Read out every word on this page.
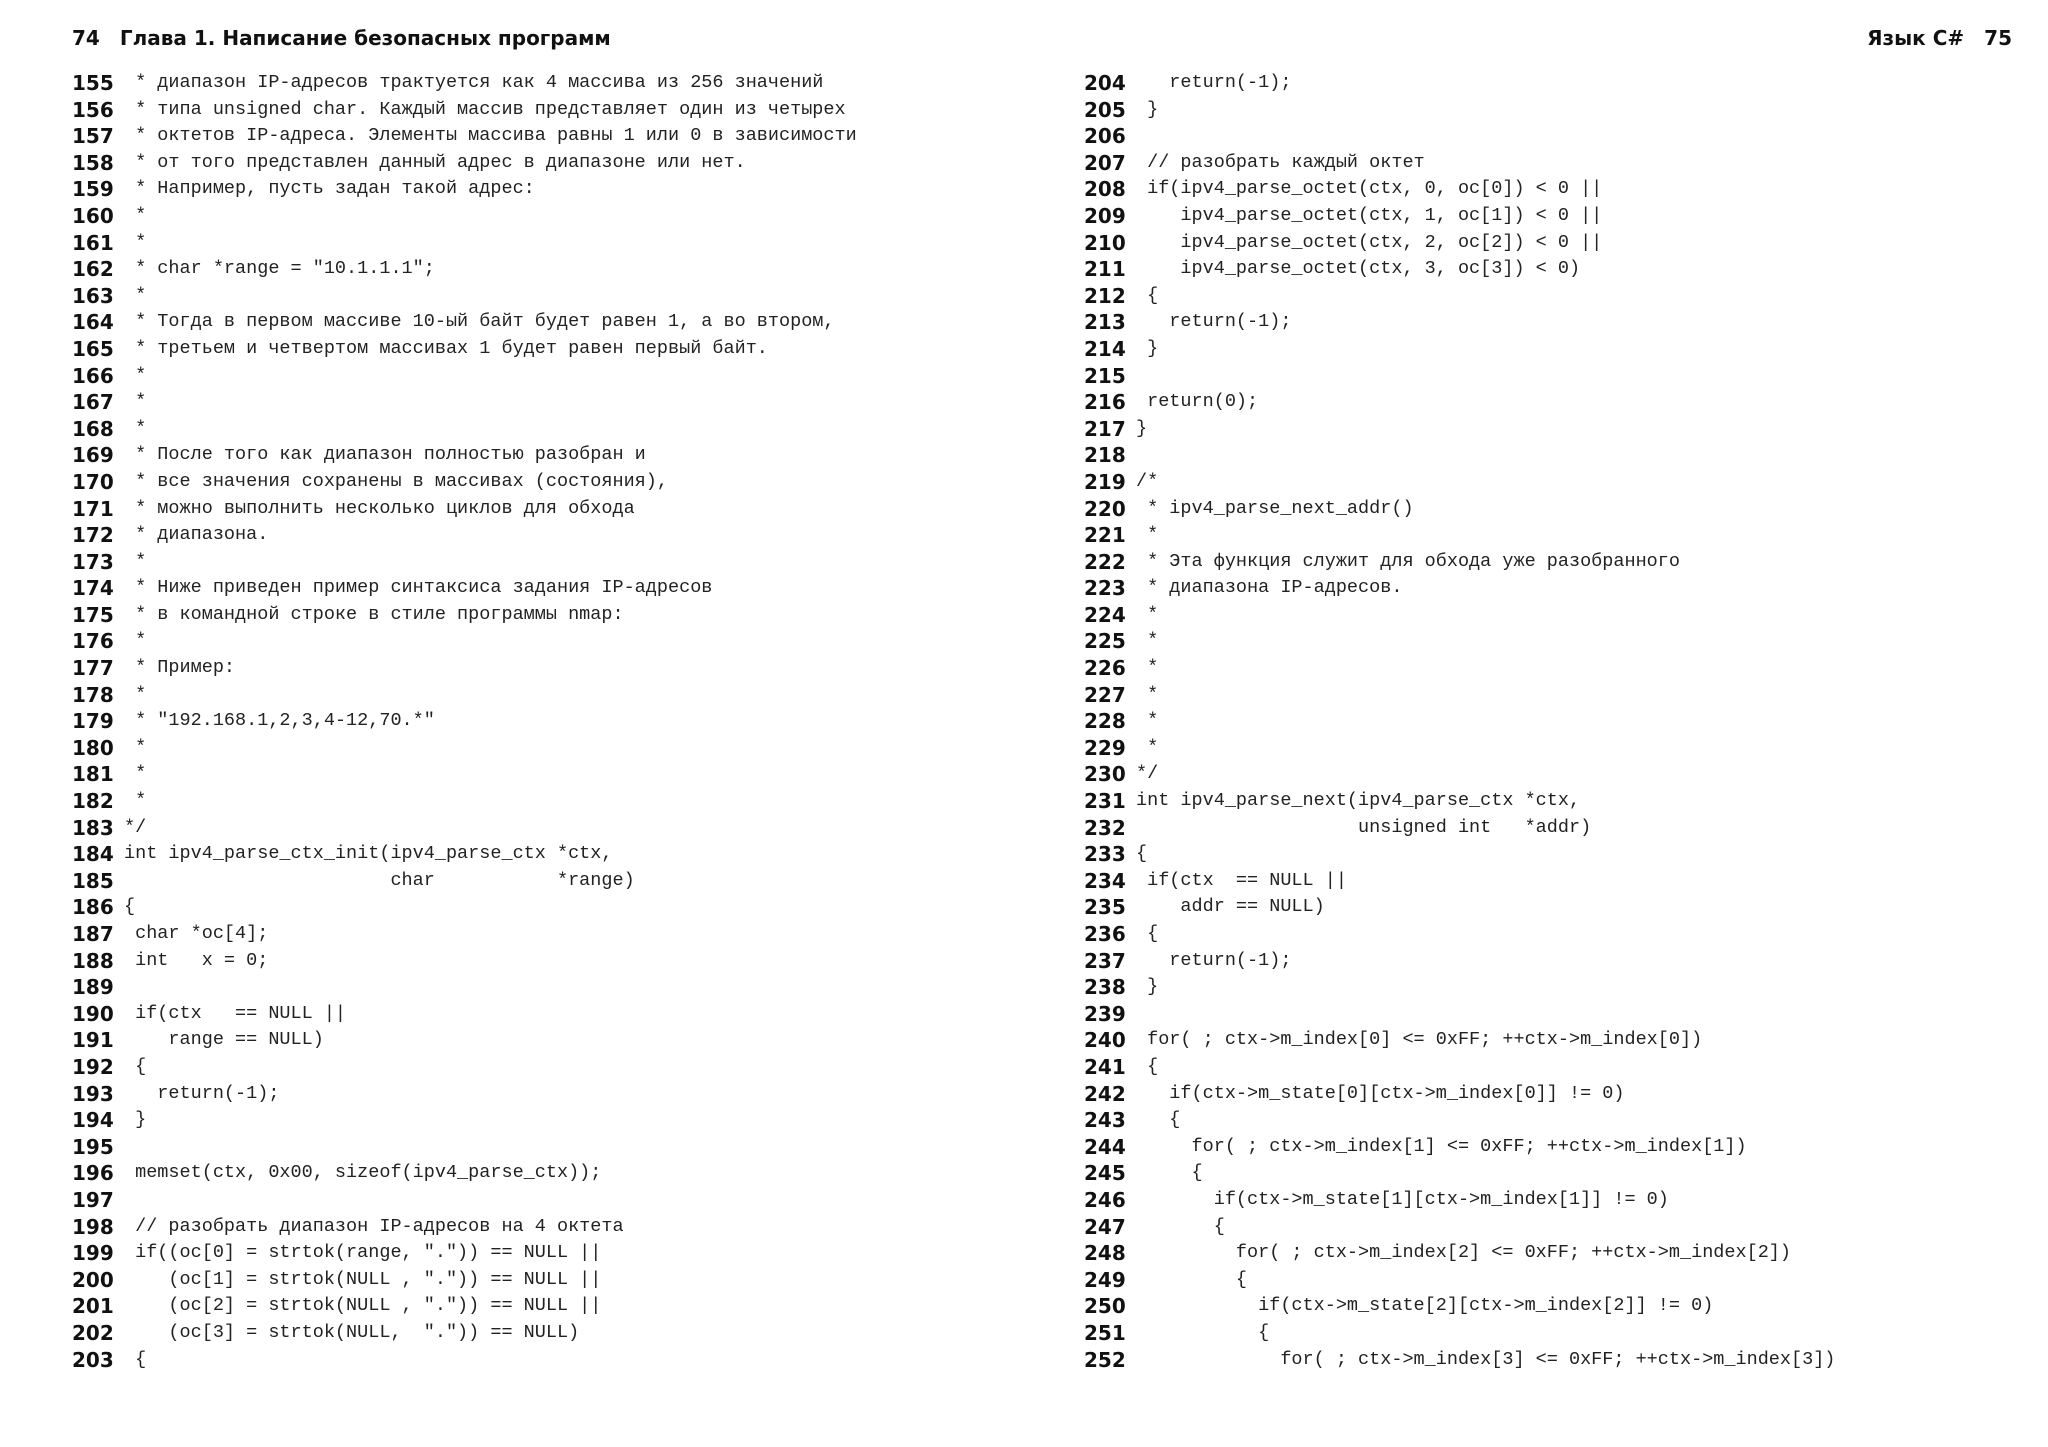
74 Глава 1. Написание безопасных программ
155 * диапазон IP-адресов трактуется как 4 массива из 256 значений
156 * типа unsigned char. Каждый массив представляет один из четырех
157 * октетов IP-адреса. Элементы массива равны 1 или 0 в зависимости
158 * от того представлен данный адрес в диапазоне или нет.
159 * Например, пусть задан такой адрес:
160 *
161 *
162 * char *range = "10.1.1.1";
163 *
164 * Тогда в первом массиве 10-ый байт будет равен 1, а во втором,
165 * третьем и четвертом массивах 1 будет равен первый байт.
166 *
167 *
168 *
169 * После того как диапазон полностью разобран и
170 * все значения сохранены в массивах (состояния),
171 * можно выполнить несколько циклов для обхода
172 * диапазона.
173 *
174 * Ниже приведен пример синтаксиса задания IP-адресов
175 * в командной строке в стиле программы nmap:
176 *
177 * Пример:
178 *
179 * "192.168.1,2,3,4-12,70.*"
180 *
181 *
182 *
183 */
184 int ipv4_parse_ctx_init(ipv4_parse_ctx *ctx,
185 char           *range)
186 {
187 char *oc[4];
188 int   x = 0;
189
190 if(ctx   == NULL ||
191 range == NULL)
192 {
193 return(-1);
194 }
195
196 memset(ctx, 0x00, sizeof(ipv4_parse_ctx));
197
198 // разобрать диапазон IP-адресов на 4 октета
199 if((oc[0] = strtok(range, ".")) == NULL ||
200 (oc[1] = strtok(NULL , ".")) == NULL ||
201 (oc[2] = strtok(NULL , ".")) == NULL ||
202 (oc[3] = strtok(NULL,  ".")) == NULL)
203 {
Язык C# 75
204 return(-1);
205 }
206
207 // разобрать каждый октет
208 if(ipv4_parse_octet(ctx, 0, oc[0]) < 0 ||
209 ipv4_parse_octet(ctx, 1, oc[1]) < 0 ||
210 ipv4_parse_octet(ctx, 2, oc[2]) < 0 ||
211 ipv4_parse_octet(ctx, 3, oc[3]) < 0)
212 {
213 return(-1);
214 }
215
216 return(0);
217 }
218
219 /*
220 * ipv4_parse_next_addr()
221 *
222 * Эта функция служит для обхода уже разобранного
223 * диапазона IP-адресов.
224 *
225 *
226 *
227 *
228 *
229 *
230 */
231 int ipv4_parse_next(ipv4_parse_ctx *ctx,
232 unsigned int   *addr)
233 {
234 if(ctx  == NULL ||
235 addr == NULL)
236 {
237 return(-1);
238 }
239
240 for( ; ctx->m_index[0] <= 0xFF; ++ctx->m_index[0])
241 {
242 if(ctx->m_state[0][ctx->m_index[0]] != 0)
243 {
244 for( ; ctx->m_index[1] <= 0xFF; ++ctx->m_index[1])
245 {
246 if(ctx->m_state[1][ctx->m_index[1]] != 0)
247 {
248 for( ; ctx->m_index[2] <= 0xFF; ++ctx->m_index[2])
249 {
250 if(ctx->m_state[2][ctx->m_index[2]] != 0)
251 {
252 for( ; ctx->m_index[3] <= 0xFF; ++ctx->m_index[3])
